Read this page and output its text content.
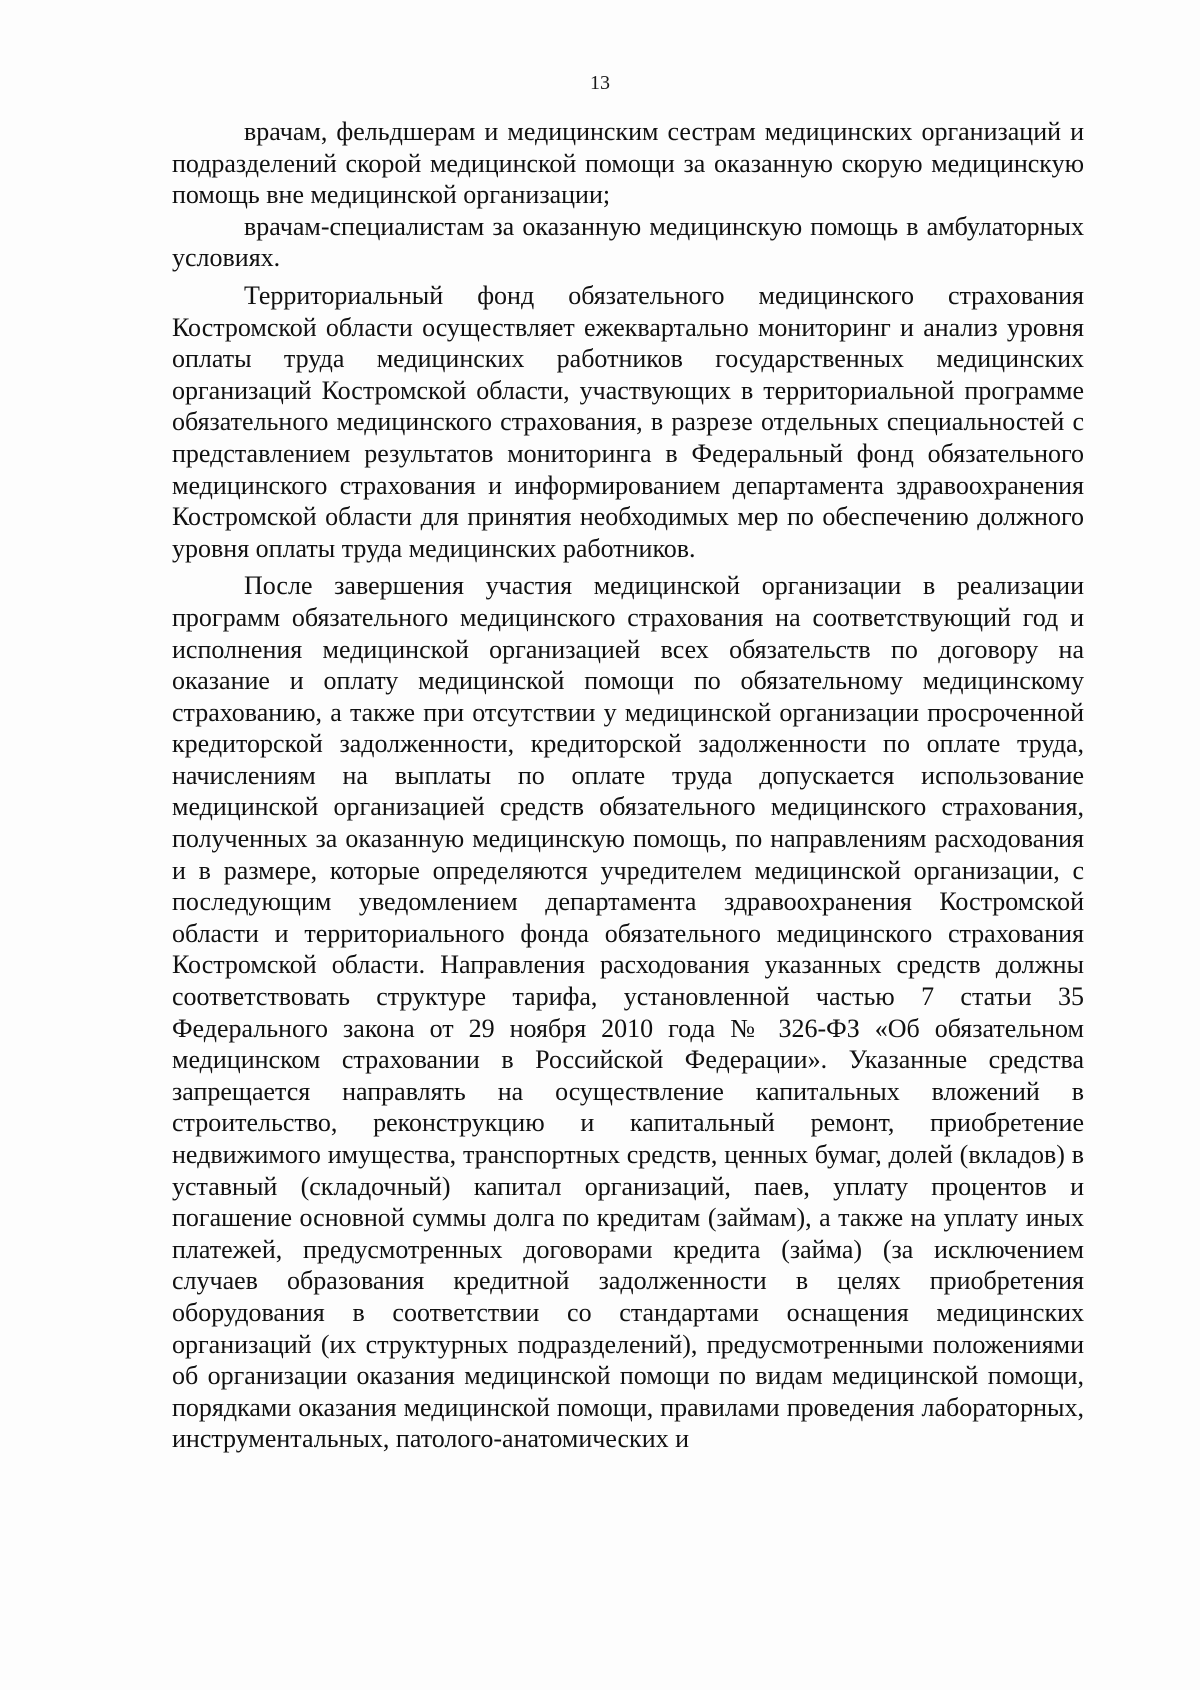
13

врачам, фельдшерам и медицинским сестрам медицинских организаций и подразделений скорой медицинской помощи за оказанную скорую медицинскую помощь вне медицинской организации;

врачам-специалистам за оказанную медицинскую помощь в амбулаторных условиях.

Территориальный фонд обязательного медицинского страхования Костромской области осуществляет ежеквартально мониторинг и анализ уровня оплаты труда медицинских работников государственных медицинских организаций Костромской области, участвующих в территориальной программе обязательного медицинского страхования, в разрезе отдельных специальностей с представлением результатов мониторинга в Федеральный фонд обязательного медицинского страхования и информированием департамента здравоохранения Костромской области для принятия необходимых мер по обеспечению должного уровня оплаты труда медицинских работников.

После завершения участия медицинской организации в реализации программ обязательного медицинского страхования на соответствующий год и исполнения медицинской организацией всех обязательств по договору на оказание и оплату медицинской помощи по обязательному медицинскому страхованию, а также при отсутствии у медицинской организации просроченной кредиторской задолженности, кредиторской задолженности по оплате труда, начислениям на выплаты по оплате труда допускается использование медицинской организацией средств обязательного медицинского страхования, полученных за оказанную медицинскую помощь, по направлениям расходования и в размере, которые определяются учредителем медицинской организации, с последующим уведомлением департамента здравоохранения Костромской области и территориального фонда обязательного медицинского страхования Костромской области. Направления расходования указанных средств должны соответствовать структуре тарифа, установленной частью 7 статьи 35 Федерального закона от 29 ноября 2010 года № 326-ФЗ «Об обязательном медицинском страховании в Российской Федерации». Указанные средства запрещается направлять на осуществление капитальных вложений в строительство, реконструкцию и капитальный ремонт, приобретение недвижимого имущества, транспортных средств, ценных бумаг, долей (вкладов) в уставный (складочный) капитал организаций, паев, уплату процентов и погашение основной суммы долга по кредитам (займам), а также на уплату иных платежей, предусмотренных договорами кредита (займа) (за исключением случаев образования кредитной задолженности в целях приобретения оборудования в соответствии со стандартами оснащения медицинских организаций (их структурных подразделений), предусмотренными положениями об организации оказания медицинской помощи по видам медицинской помощи, порядками оказания медицинской помощи, правилами проведения лабораторных, инструментальных, патолого-анатомических и
